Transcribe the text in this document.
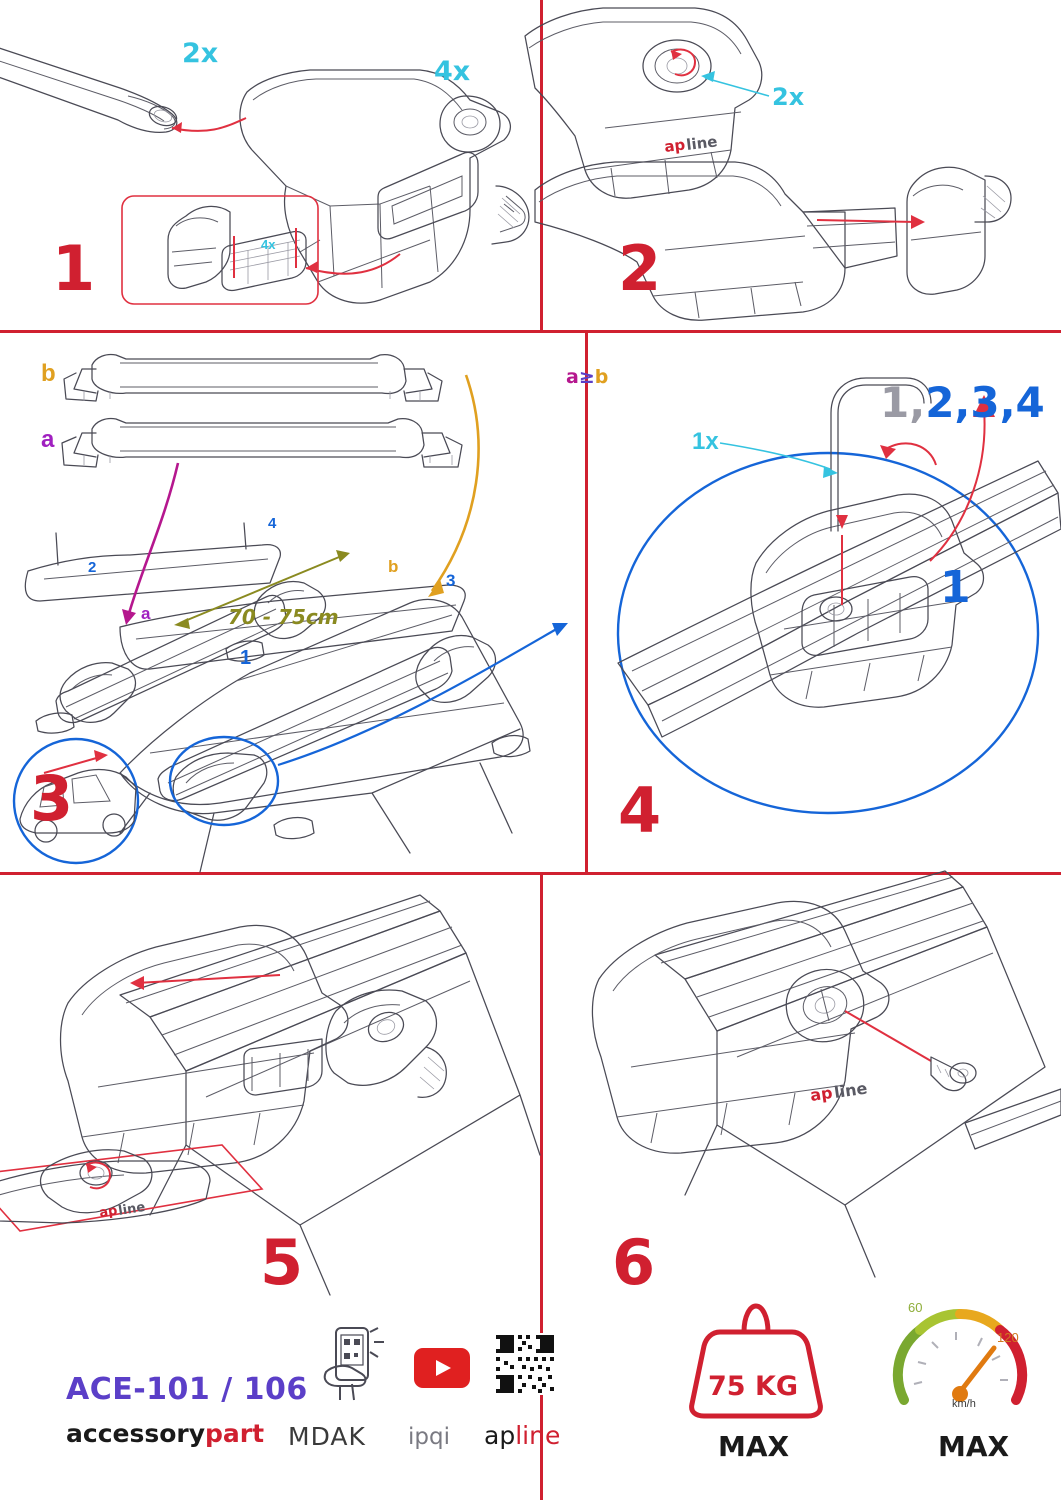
2x
4x
4x
1
ap line
2x
2
b
a
a
b
1
2
3
4
70 - 75cm
3
a≥b
1x
1,2,3,4
1
4
ap
line
5
ap line
6
ACE-101 / 106
accessorypart MDAK ipqi apline
75 KG
MAX
60
120
km/h
MAX
